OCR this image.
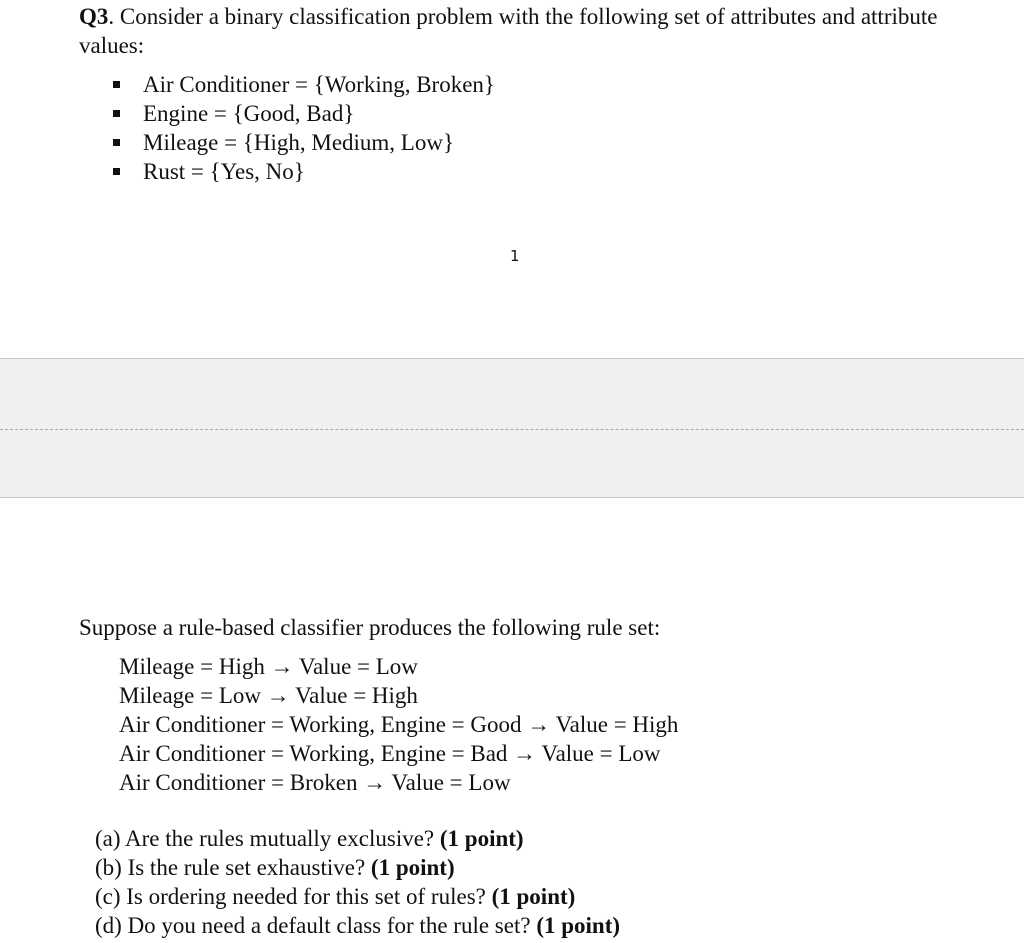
Q3. Consider a binary classification problem with the following set of attributes and attribute values:
Air Conditioner = {Working, Broken}
Engine = {Good, Bad}
Mileage = {High, Medium, Low}
Rust = {Yes, No}
1
Suppose a rule-based classifier produces the following rule set:
Mileage = High → Value = Low
Mileage = Low → Value = High
Air Conditioner = Working, Engine = Good → Value = High
Air Conditioner = Working, Engine = Bad → Value = Low
Air Conditioner = Broken → Value = Low
(a) Are the rules mutually exclusive? (1 point)
(b) Is the rule set exhaustive? (1 point)
(c) Is ordering needed for this set of rules? (1 point)
(d) Do you need a default class for the rule set? (1 point)
